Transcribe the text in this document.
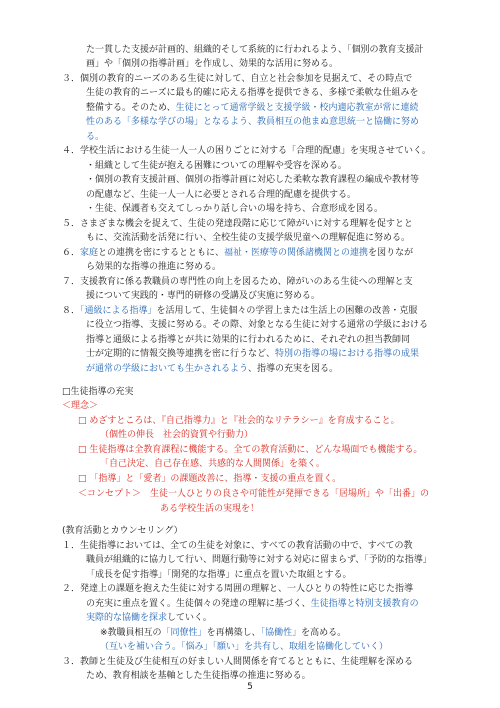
た一貫した支援が計画的、組織的そして系統的に行われるよう、「個別の教育支援計
画」や「個別の指導計画」を作成し、効果的な活用に努める。
３．個別の教育的ニーズのある生徒に対して、自立と社会参加を見据えて、その時点で
生徒の教育的ニーズに最も的確に応える指導を提供できる、多様で柔軟な仕組みを
整備する。そのため、生徒にとって通常学級と支援学級・校内適応教室が常に連続
性のある「多様な学びの場」となるよう、教員相互の他まぬ意思統一と協働に努め
る。
４．学校生活における生徒一人一人の困りごとに対する「合理的配慮」を実現させていく。
・組織として生徒が抱える困難についての理解や受容を深める。
・個別の教育支援計画、個別の指導計画に対応した柔軟な教育課程の編成や教材等
の配慮など、生徒一人一人に必要とされる合理的配慮を提供する。
・生徒、保護者も交えてしっかり話し合いの場を持ち、合意形成を図る。
５．さまざまな機会を捉えて、生徒の発達段階に応じて障がいに対する理解を促すとと
もに、交流活動を活発に行い、全校生徒の支援学級児童への理解促進に努める。
６．家庭との連携を密にするとともに、福祉・医療等の関係諸機関との連携を図りなが
ら効果的な指導の推進に努める。
７．支援教育に係る教職員の専門性の向上を図るため、障がいのある生徒への理解と支
援について実践的・専門的研修の受講及び実施に努める。
８．「通級による指導」を活用して、生徒個々の学習上または生活上の困難の改善・克服
に役立つ指導、支援に努める。その際、対象となる生徒に対する通常の学級における
指導と通級による指導とが共に効果的に行われるために、それぞれの担当教師同
士が定期的に情報交換等連携を密に行うなど、特別の指導の場における指導の成果
が通常の学級においても生かされるよう、指導の充実を図る。
□生徒指導の充実
＜理念＞
□ めざすところは、『自己指導力』と『社会的なリテラシー』を育成すること。
（個性の伸長　社会的資質や行動力）
□ 生徒指導は全教育課程に機能する。全ての教育活動に、どんな場面でも機能する。
「自己決定、自己存在感、共感的な人間関係」を築く。
□ 「指導」と「愛者」の課題改善に、指導・支援の重点を置く。
＜コンセプト＞　生徒一人ひとりの良さや可能性が発揮できる「居場所」や「出番」の
ある学校生活の実現を！
(教育活動とカウンセリング）
１．生徒指導においては、全ての生徒を対象に、すべての教育活動の中で、すべての教
職員が組織的に協力して行い、問題行動等に対する対応に留まらず、「予防的な指導」
「成長を促す指導」「開発的な指導」に重点を置いた取組とする。
２．発達上の課題を抱えた生徒に対する周囲の理解と、一人ひとりの特性に応じた指導
の充実に重点を置く。生徒個々の発達の理解に基づく、生徒指導と特別支援教育の
実際的な協働を探求していく。
※教職員相互の「同僚性」を再構築し、「協働性」を高める。
（互いを補い合う。「悩み」「願い」を共有し、取組を協働化していく）
３．教師と生徒及び生徒相互の好ましい人間関係を育てるとともに、生徒理解を深める
ため、教育相談を基軸とした生徒指導の推進に努める。
5
